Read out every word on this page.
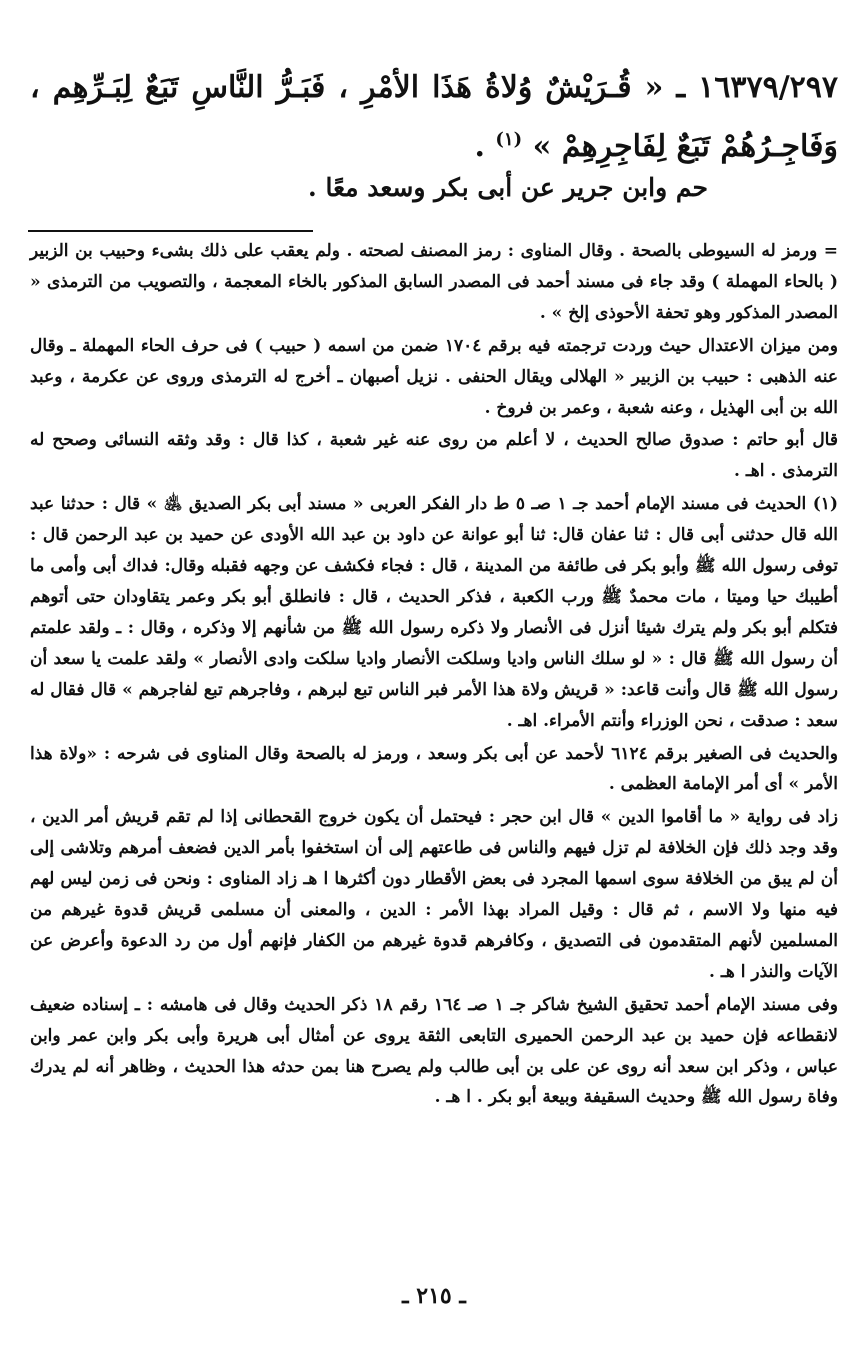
١٦٣٧٩/٢٩٧ ـ « قُـرَيْشٌ وُلاةُ هَذَا الأمْرِ ، فَبَـرُّ النَّاسِ تَبَعٌ لِبَـرِّهِم ، وَفَاجِـرُهُمْ تَبَعٌ لِفَاجِرِهِمْ » $^{(١)}$ .
حم وابن جرير عن أبى بكر وسعد معًا .

= ورمز له السيوطى بالصحة . وقال المناوى : رمز المصنف لصحته . ولم يعقب على ذلك بشىء وحبيب بن الزبير ( بالحاء المهملة ) وقد جاء فى مسند أحمد فى المصدر السابق المذكور بالخاء المعجمة ، والتصويب من الترمذى « المصدر المذكور وهو تحفة الأحوذى إلخ » .

ومن ميزان الاعتدال حيث وردت ترجمته فيه برقم ١٧٠٤ ضمن من اسمه ( حبيب ) فى حرف الحاء المهملة ـ وقال عنه الذهبى : حبيب بن الزبير « الهلالى ويقال الحنفى . نزيل أصبهان ـ أخرج له الترمذى وروى عن عكرمة ، وعبد الله بن أبى الهذيل ، وعنه شعبة ، وعمر بن فروخ .

قال أبو حاتم : صدوق صالح الحديث ، لا أعلم من روى عنه غير شعبة ، كذا قال : وقد وثقه النسائى وصحح له الترمذى . اهـ .

(١) الحديث فى مسند الإمام أحمد جـ ١ صـ ٥ ط دار الفكر العربى « مسند أبى بكر الصديق ﵁ » قال : حدثنا عبد الله قال حدثنى أبى قال : ثنا عفان قال: ثنا أبو عوانة عن داود بن عبد الله الأودى عن حميد بن عبد الرحمن قال : توفى رسول الله ﷺ وأبو بكر فى طائفة من المدينة ، قال : فجاء فكشف عن وجهه فقبله وقال: فداك أبى وأمى ما أطيبك حيا وميتا ، مات محمدٌ ﷺ ورب الكعبة ، فذكر الحديث ، قال : فانطلق أبو بكر وعمر يتقاودان حتى أتوهم فتكلم أبو بكر ولم يترك شيئا أنزل فى الأنصار ولا ذكره رسول الله ﷺ من شأنهم إلا وذكره ، وقال : ـ ولقد علمتم أن رسول الله ﷺ قال : « لو سلك الناس واديا وسلكت الأنصار واديا سلكت وادى الأنصار » ولقد علمت يا سعد أن رسول الله ﷺ قال وأنت قاعد: « قريش ولاة هذا الأمر فبر الناس تبع لبرهم ، وفاجرهم تبع لفاجرهم » قال فقال له سعد : صدقت ، نحن الوزراء وأنتم الأمراء. اهـ .

والحديث فى الصغير برقم ٦١٢٤ لأحمد عن أبى بكر وسعد ، ورمز له بالصحة وقال المناوى فى شرحه : «ولاة هذا الأمر » أى أمر الإمامة العظمى .

زاد فى رواية « ما أقاموا الدين » قال ابن حجر : فيحتمل أن يكون خروج القحطانى إذا لم تقم قريش أمر الدين ، وقد وجد ذلك فإن الخلافة لم تزل فيهم والناس فى طاعتهم إلى أن استخفوا بأمر الدين فضعف أمرهم وتلاشى إلى أن لم يبق من الخلافة سوى اسمها المجرد فى بعض الأقطار دون أكثرها ا هـ زاد المناوى : ونحن فى زمن ليس لهم فيه منها ولا الاسم ، ثم قال : وقيل المراد بهذا الأمر : الدين ، والمعنى أن مسلمى قريش قدوة غيرهم من المسلمين لأنهم المتقدمون فى التصديق ، وكافرهم قدوة غيرهم من الكفار فإنهم أول من رد الدعوة وأعرض عن الآيات والنذر ا هـ .

وفى مسند الإمام أحمد تحقيق الشيخ شاكر جـ ١ صـ ١٦٤ رقم ١٨ ذكر الحديث وقال فى هامشه : ـ إسناده ضعيف لانقطاعه فإن حميد بن عبد الرحمن الحميرى التابعى الثقة يروى عن أمثال أبى هريرة وأبى بكر وابن عمر وابن عباس ، وذكر ابن سعد أنه روى عن على بن أبى طالب ولم يصرح هنا بمن حدثه هذا الحديث ، وظاهر أنه لم يدرك وفاة رسول الله ﷺ وحديث السقيفة وبيعة أبو بكر . ا هـ .

ـ ٢١٥ ـ
